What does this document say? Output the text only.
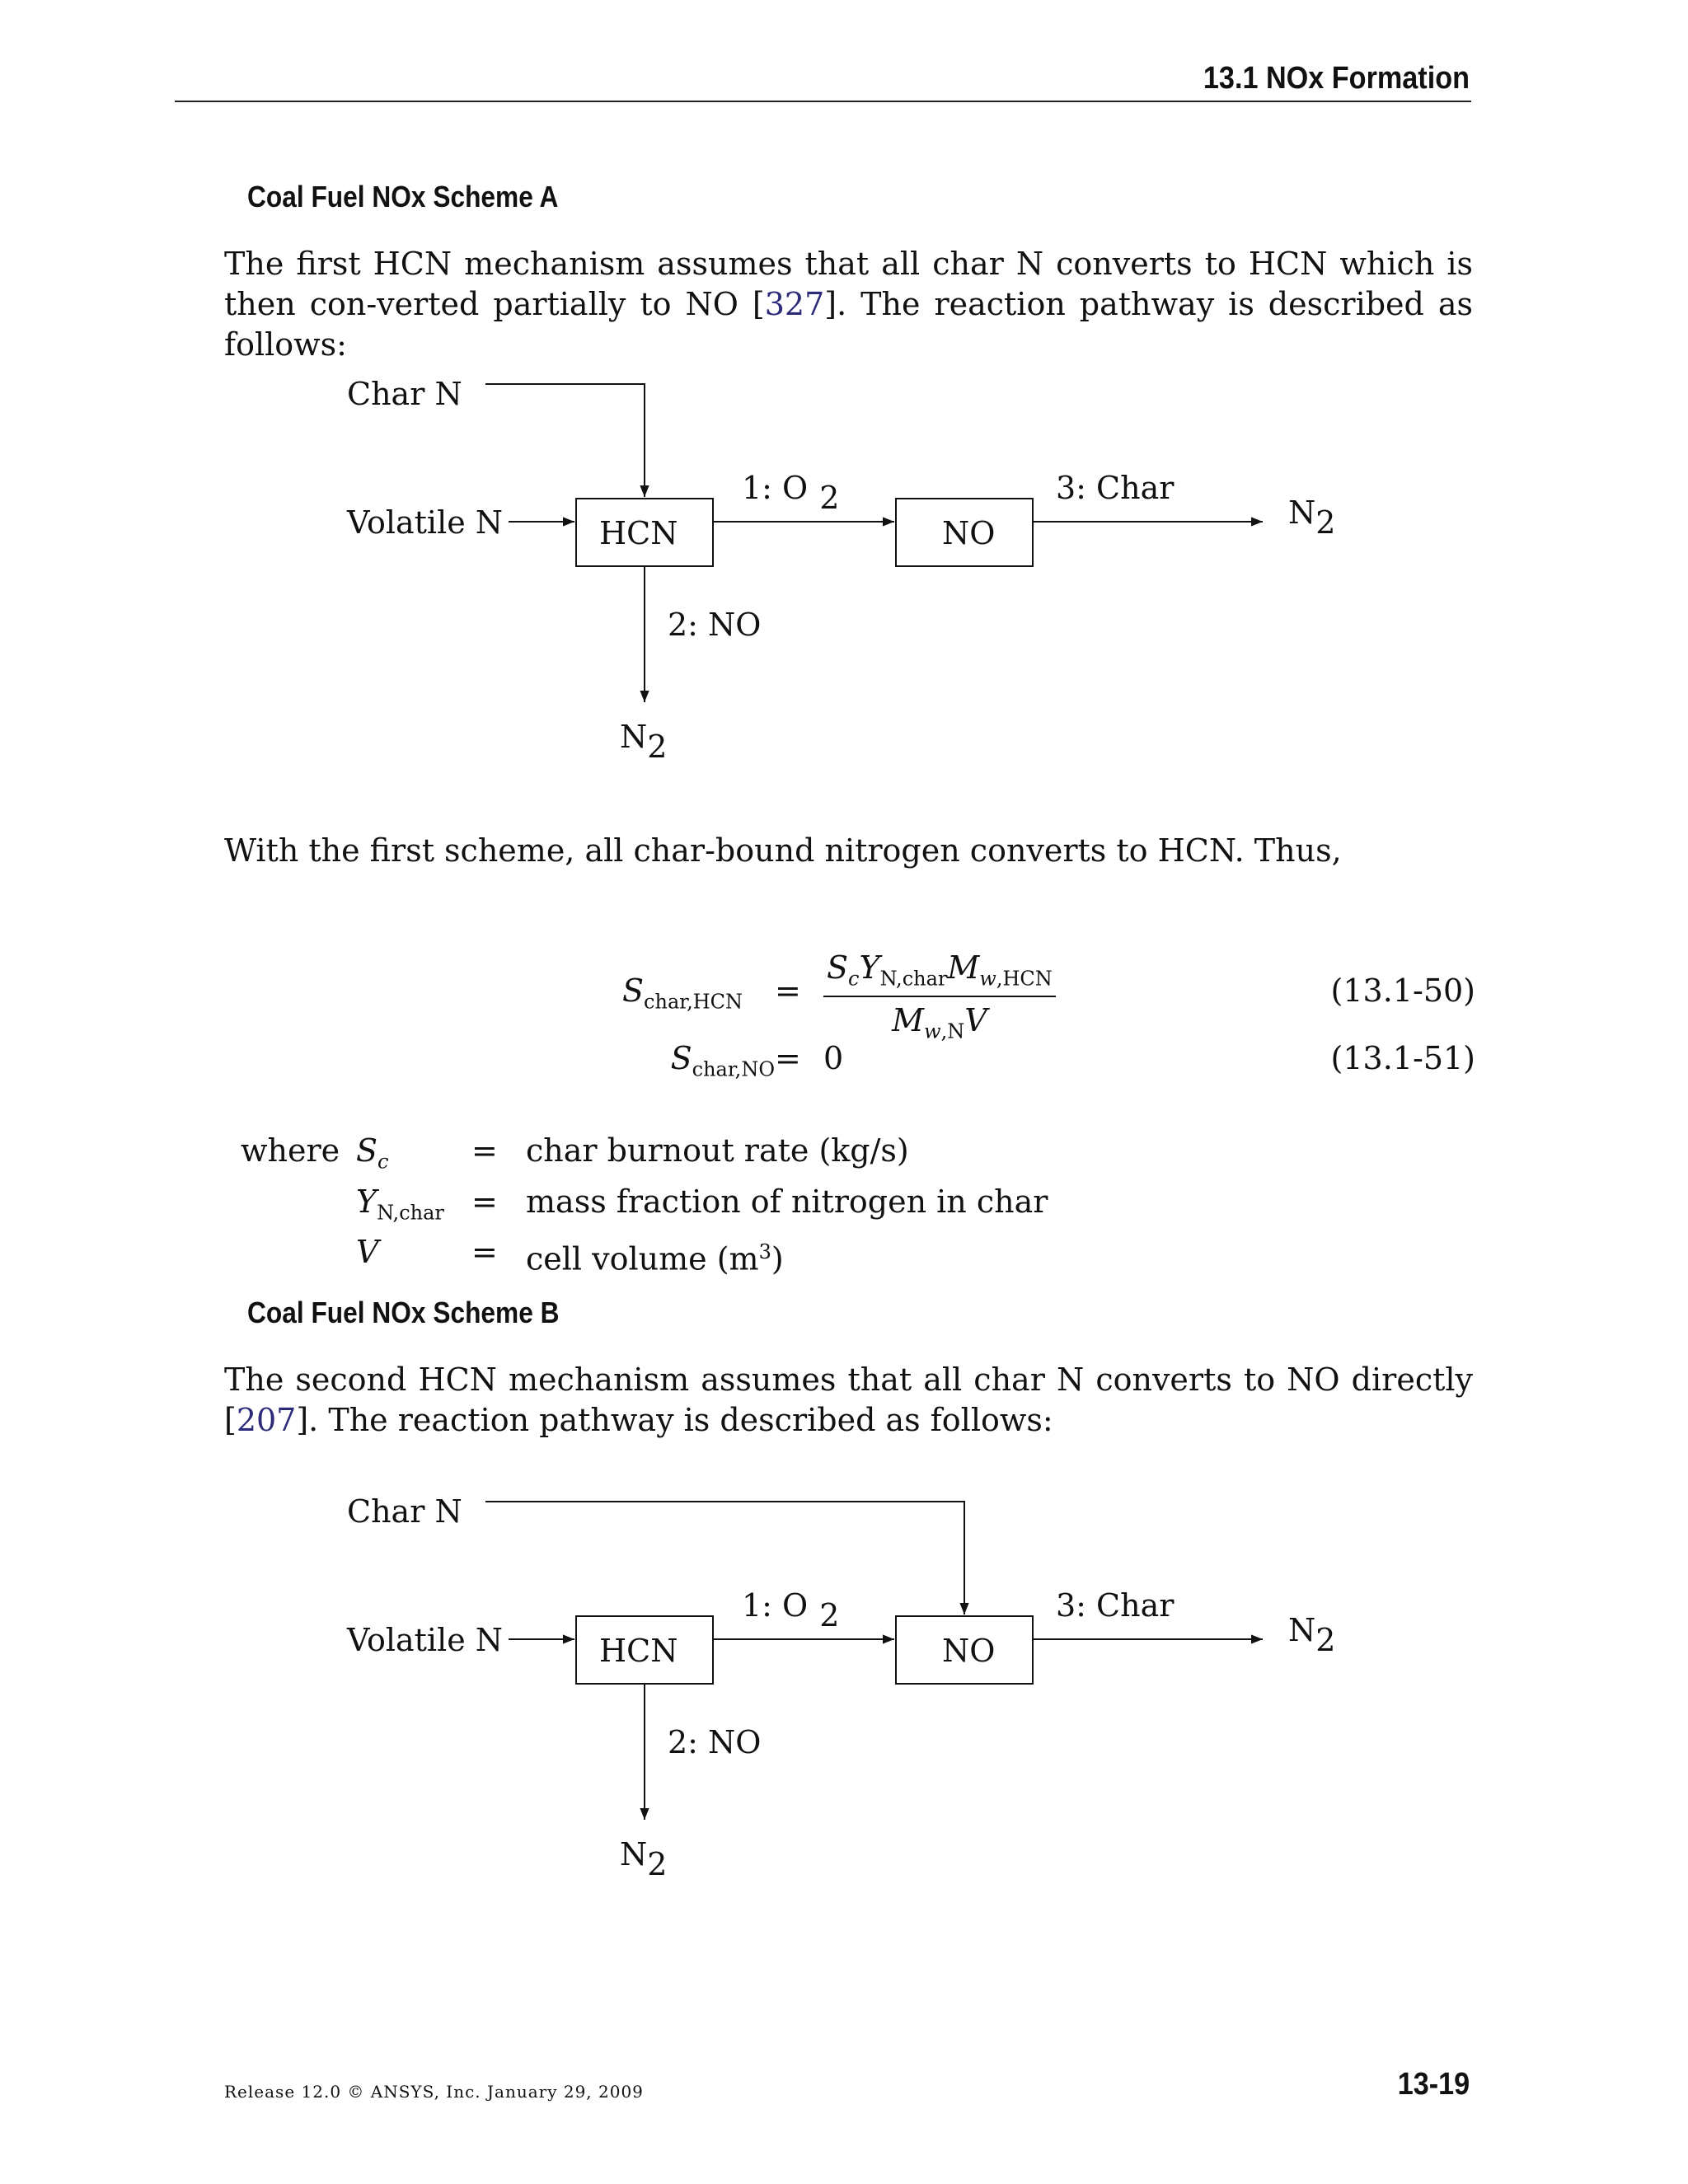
13.1 NOx Formation
Coal Fuel NOx Scheme A
The first HCN mechanism assumes that all char N converts to HCN which is then con-verted partially to NO [327]. The reaction pathway is described as follows:
Char N
Volatile N
1: O 2	3: Char
2: NO
N2
N2
HCN	NO
With the first scheme, all char-bound nitrogen converts to HCN. Thus,
$S_{char,HCN}$ =
$S_cY_{N,char}M_{w,HCN}$
$M_{w,N}V$
(13.1-50)
$S_{char,NO} = 0$	(13.1-51)
where	$S_c$	=	char burnout rate (kg/s)
	$Y_{N,char}$	=	mass fraction of nitrogen in char
	V	=	cell volume $(m^3)$
Coal Fuel NOx Scheme B
The second HCN mechanism assumes that all char N converts to NO directly [207]. The reaction pathway is described as follows:
Char N
Volatile N
1: O 2	3: Char
2: NO
N2
N2
HCN	NO
Release 12.0 © ANSYS, Inc. January 29, 2009	13-19
